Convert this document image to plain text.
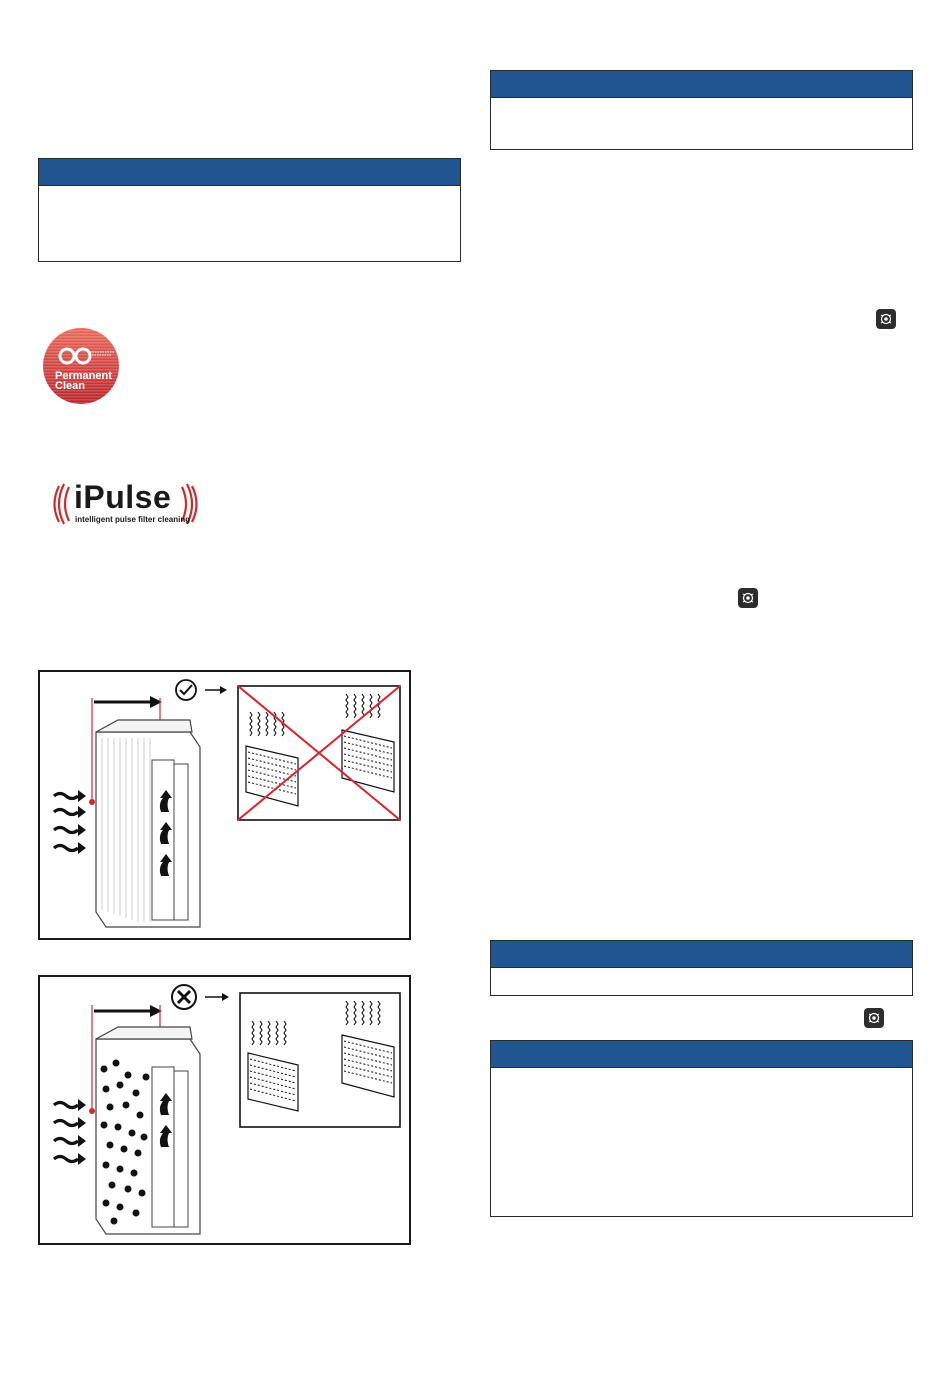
Permanent
Clean
iPulse
intelligent pulse filter cleaning
